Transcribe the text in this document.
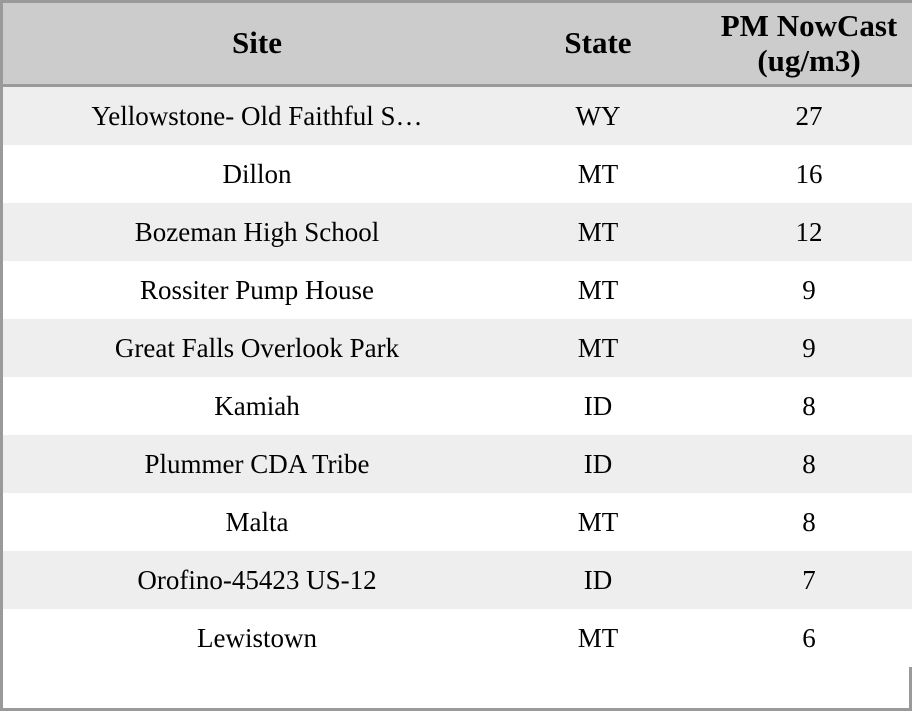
Site	State	PM NowCast (ug/m3)
Yellowstone- Old Faithful S…	WY	27
Dillon	MT	16
Bozeman High School	MT	12
Rossiter Pump House	MT	9
Great Falls Overlook Park	MT	9
Kamiah	ID	8
Plummer CDA Tribe	ID	8
Malta	MT	8
Orofino-45423 US-12	ID	7
Lewistown	MT	6
